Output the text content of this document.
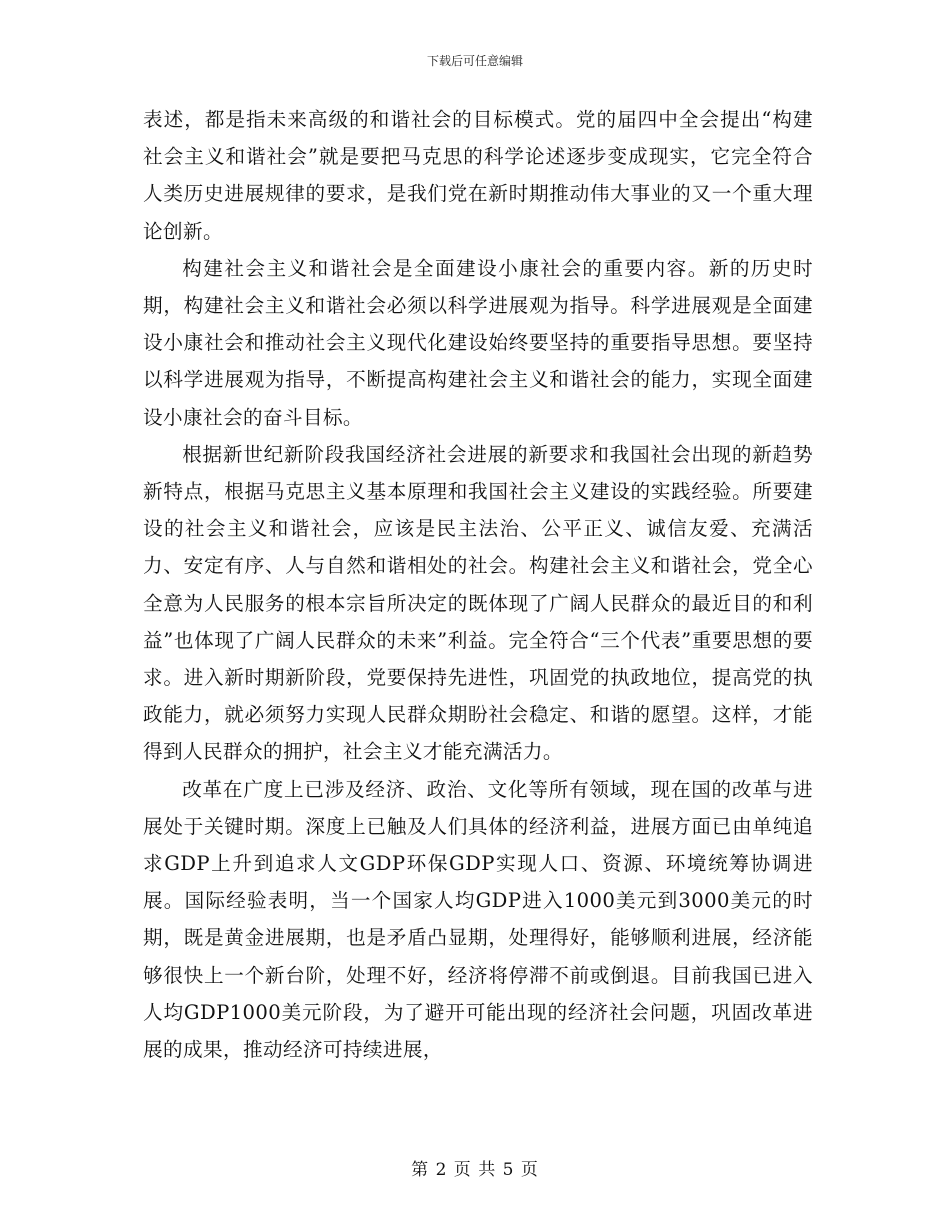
下载后可任意编辑

表述，都是指未来高级的和谐社会的目标模式。党的届四中全会提出“构建社会主义和谐社会”就是要把马克思的科学论述逐步变成现实，它完全符合人类历史进展规律的要求，是我们党在新时期推动伟大事业的又一个重大理论创新。

构建社会主义和谐社会是全面建设小康社会的重要内容。新的历史时期，构建社会主义和谐社会必须以科学进展观为指导。科学进展观是全面建设小康社会和推动社会主义现代化建设始终要坚持的重要指导思想。要坚持以科学进展观为指导，不断提高构建社会主义和谐社会的能力，实现全面建设小康社会的奋斗目标。

根据新世纪新阶段我国经济社会进展的新要求和我国社会出现的新趋势新特点，根据马克思主义基本原理和我国社会主义建设的实践经验。所要建设的社会主义和谐社会，应该是民主法治、公平正义、诚信友爱、充满活力、安定有序、人与自然和谐相处的社会。构建社会主义和谐社会，党全心全意为人民服务的根本宗旨所决定的既体现了广阔人民群众的最近目的和利益”也体现了广阔人民群众的未来”利益。完全符合“三个代表”重要思想的要求。进入新时期新阶段，党要保持先进性，巩固党的执政地位，提高党的执政能力，就必须努力实现人民群众期盼社会稳定、和谐的愿望。这样，才能得到人民群众的拥护，社会主义才能充满活力。

改革在广度上已涉及经济、政治、文化等所有领域，现在国的改革与进展处于关键时期。深度上已触及人们具体的经济利益，进展方面已由单纯追求GDP上升到追求人文GDP环保GDP实现人口、资源、环境统筹协调进展。国际经验表明，当一个国家人均GDP进入1000美元到3000美元的时期，既是黄金进展期，也是矛盾凸显期，处理得好，能够顺利进展，经济能够很快上一个新台阶，处理不好，经济将停滞不前或倒退。目前我国已进入人均GDP1000美元阶段，为了避开可能出现的经济社会问题，巩固改革进展的成果，推动经济可持续进展，

第 2 页 共 5 页
